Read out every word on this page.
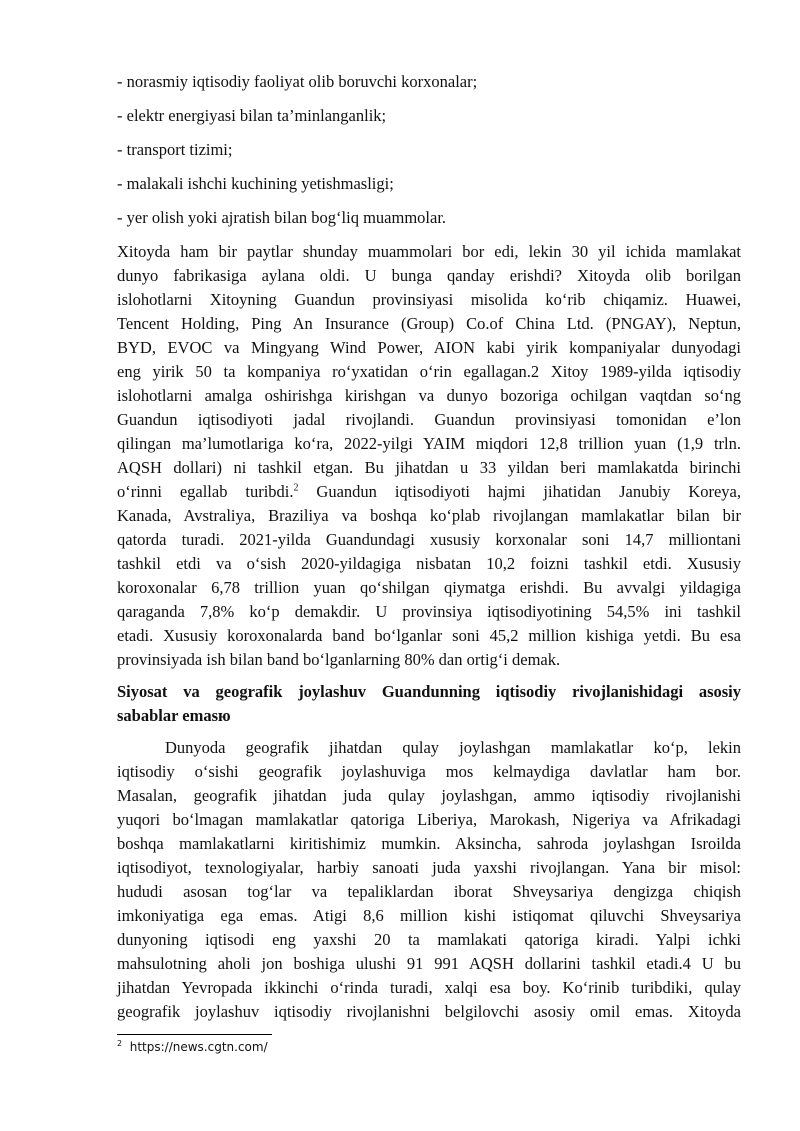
- norasmiy iqtisodiy faoliyat olib boruvchi korxonalar;

- elektr energiyasi bilan ta’minlanganlik;

- transport tizimi;

- malakali ishchi kuchining yetishmasligi;

- yer olish yoki ajratish bilan bog‘liq muammolar.

Xitoyda ham bir paytlar shunday muammolari bor edi, lekin 30 yil ichida mamlakat
dunyo fabrikasiga aylana oldi. U bunga qanday erishdi? Xitoyda olib borilgan
islohotlarni Xitoyning Guandun provinsiyasi misolida ko‘rib chiqamiz. Huawei,
Tencent Holding, Ping An Insurance (Group) Co.of China Ltd. (PNGAY), Neptun,
BYD, EVOC va Mingyang Wind Power, AION kabi yirik kompaniyalar dunyodagi
eng yirik 50 ta kompaniya ro‘yxatidan o‘rin egallagan.2 Xitoy 1989-yilda iqtisodiy
islohotlarni amalga oshirishga kirishgan va dunyo bozoriga ochilgan vaqtdan so‘ng
Guandun iqtisodiyoti jadal rivojlandi. Guandun provinsiyasi tomonidan e’lon
qilingan ma’lumotlariga ko‘ra, 2022-yilgi YAIM miqdori 12,8 trillion yuan (1,9 trln.
AQSH dollari) ni tashkil etgan. Bu jihatdan u 33 yildan beri mamlakatda birinchi
o‘rinni egallab turibdi.$^2$ Guandun iqtisodiyoti hajmi jihatidan Janubiy Koreya,
Kanada, Avstraliya, Braziliya va boshqa ko‘plab rivojlangan mamlakatlar bilan bir
qatorda turadi. 2021-yilda Guandundagi xususiy korxonalar soni 14,7 milliontani
tashkil etdi va o‘sish 2020-yildagiga nisbatan 10,2 foizni tashkil etdi. Xususiy
koroxonalar 6,78 trillion yuan qo‘shilgan qiymatga erishdi. Bu avvalgi yildagiga
qaraganda 7,8% ko‘p demakdir. U provinsiya iqtisodiyotining 54,5% ini tashkil
etadi. Xususiy koroxonalarda band bo‘lganlar soni 45,2 million kishiga yetdi. Bu esa
provinsiyada ish bilan band bo‘lganlarning 80% dan ortig‘i demak.
Siyosat va geografik joylashuv Guandunning iqtisodiy rivojlanishidagi asosiy
sabablar emasю
Dunyoda geografik jihatdan qulay joylashgan mamlakatlar ko‘p, lekin
iqtisodiy o‘sishi geografik joylashuviga mos kelmaydiga davlatlar ham bor.
Masalan, geografik jihatdan juda qulay joylashgan, ammo iqtisodiy rivojlanishi
yuqori bo‘lmagan mamlakatlar qatoriga Liberiya, Marokash, Nigeriya va Afrikadagi
boshqa mamlakatlarni kiritishimiz mumkin. Aksincha, sahroda joylashgan Isroilda
iqtisodiyot, texnologiyalar, harbiy sanoati juda yaxshi rivojlangan. Yana bir misol:
hududi asosan tog‘lar va tepaliklardan iborat Shveysariya dengizga chiqish
imkoniyatiga ega emas. Atigi 8,6 million kishi istiqomat qiluvchi Shveysariya
dunyoning iqtisodi eng yaxshi 20 ta mamlakati qatoriga kiradi. Yalpi ichki
mahsulotning aholi jon boshiga ulushi 91 991 AQSH dollarini tashkil etadi.4 U bu
jihatdan Yevropada ikkinchi o‘rinda turadi, xalqi esa boy. Ko‘rinib turibdiki, qulay
geografik joylashuv iqtisodiy rivojlanishni belgilovchi asosiy omil emas. Xitoyda
$^2$ https://news.cgtn.com/
